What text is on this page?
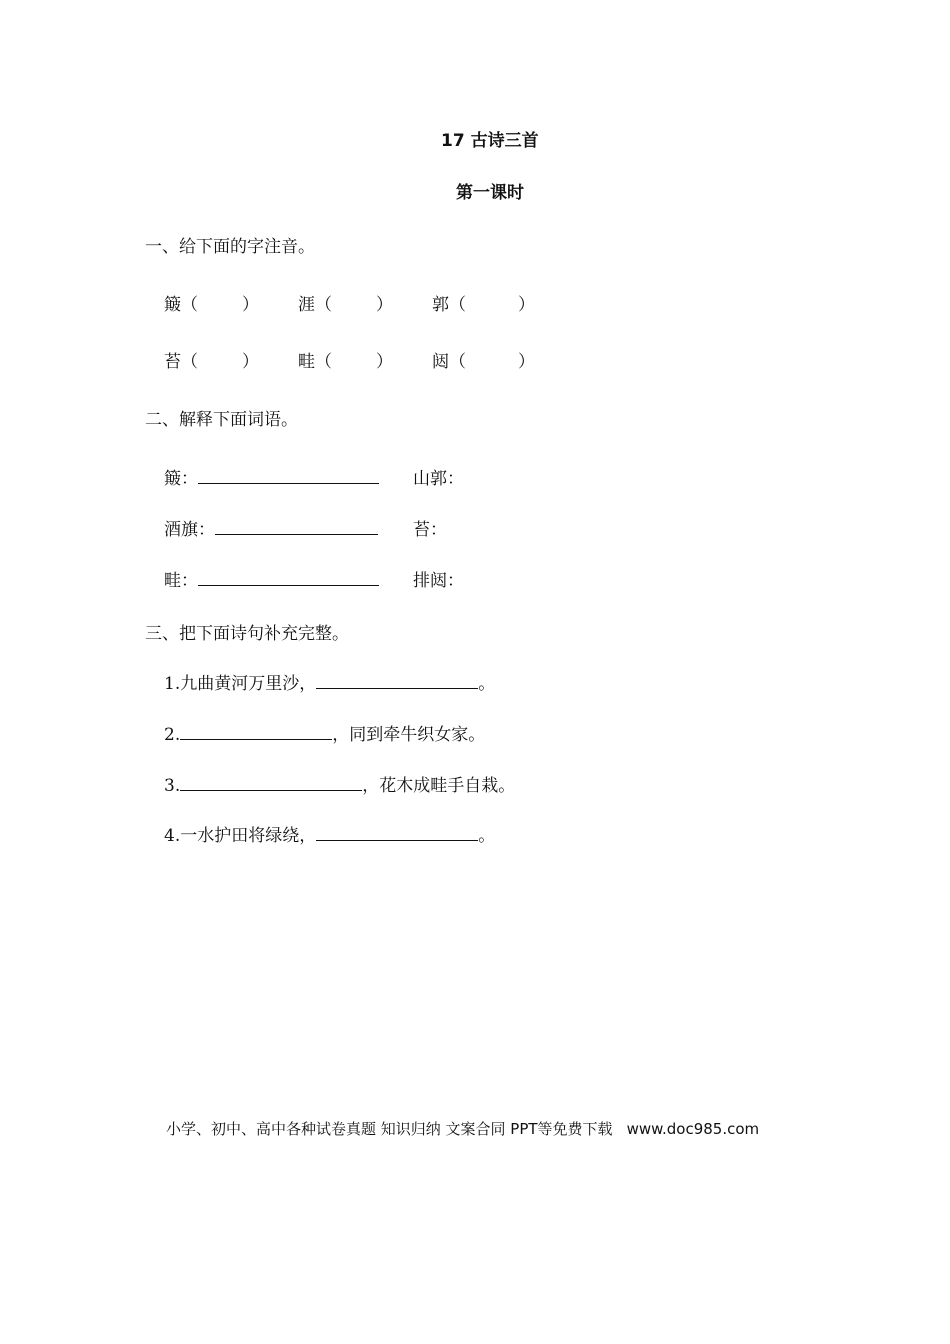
17 古诗三首
第一课时
一、给下面的字注音。
簸（	） 涯（	） 郭（	）
苔（	） 畦（	） 闼（	）
二、解释下面词语。
簸：	山郭：
酒旗：	苔：
畦：	排闼：
三、把下面诗句补充完整。
1.九曲黄河万里沙，	。
2.	，同到牵牛织女家。
3.	，花木成畦手自栽。
4.一水护田将绿绕，	。
小学、初中、高中各种试卷真题 知识归纳 文案合同 PPT等免费下载 www.doc985.com
